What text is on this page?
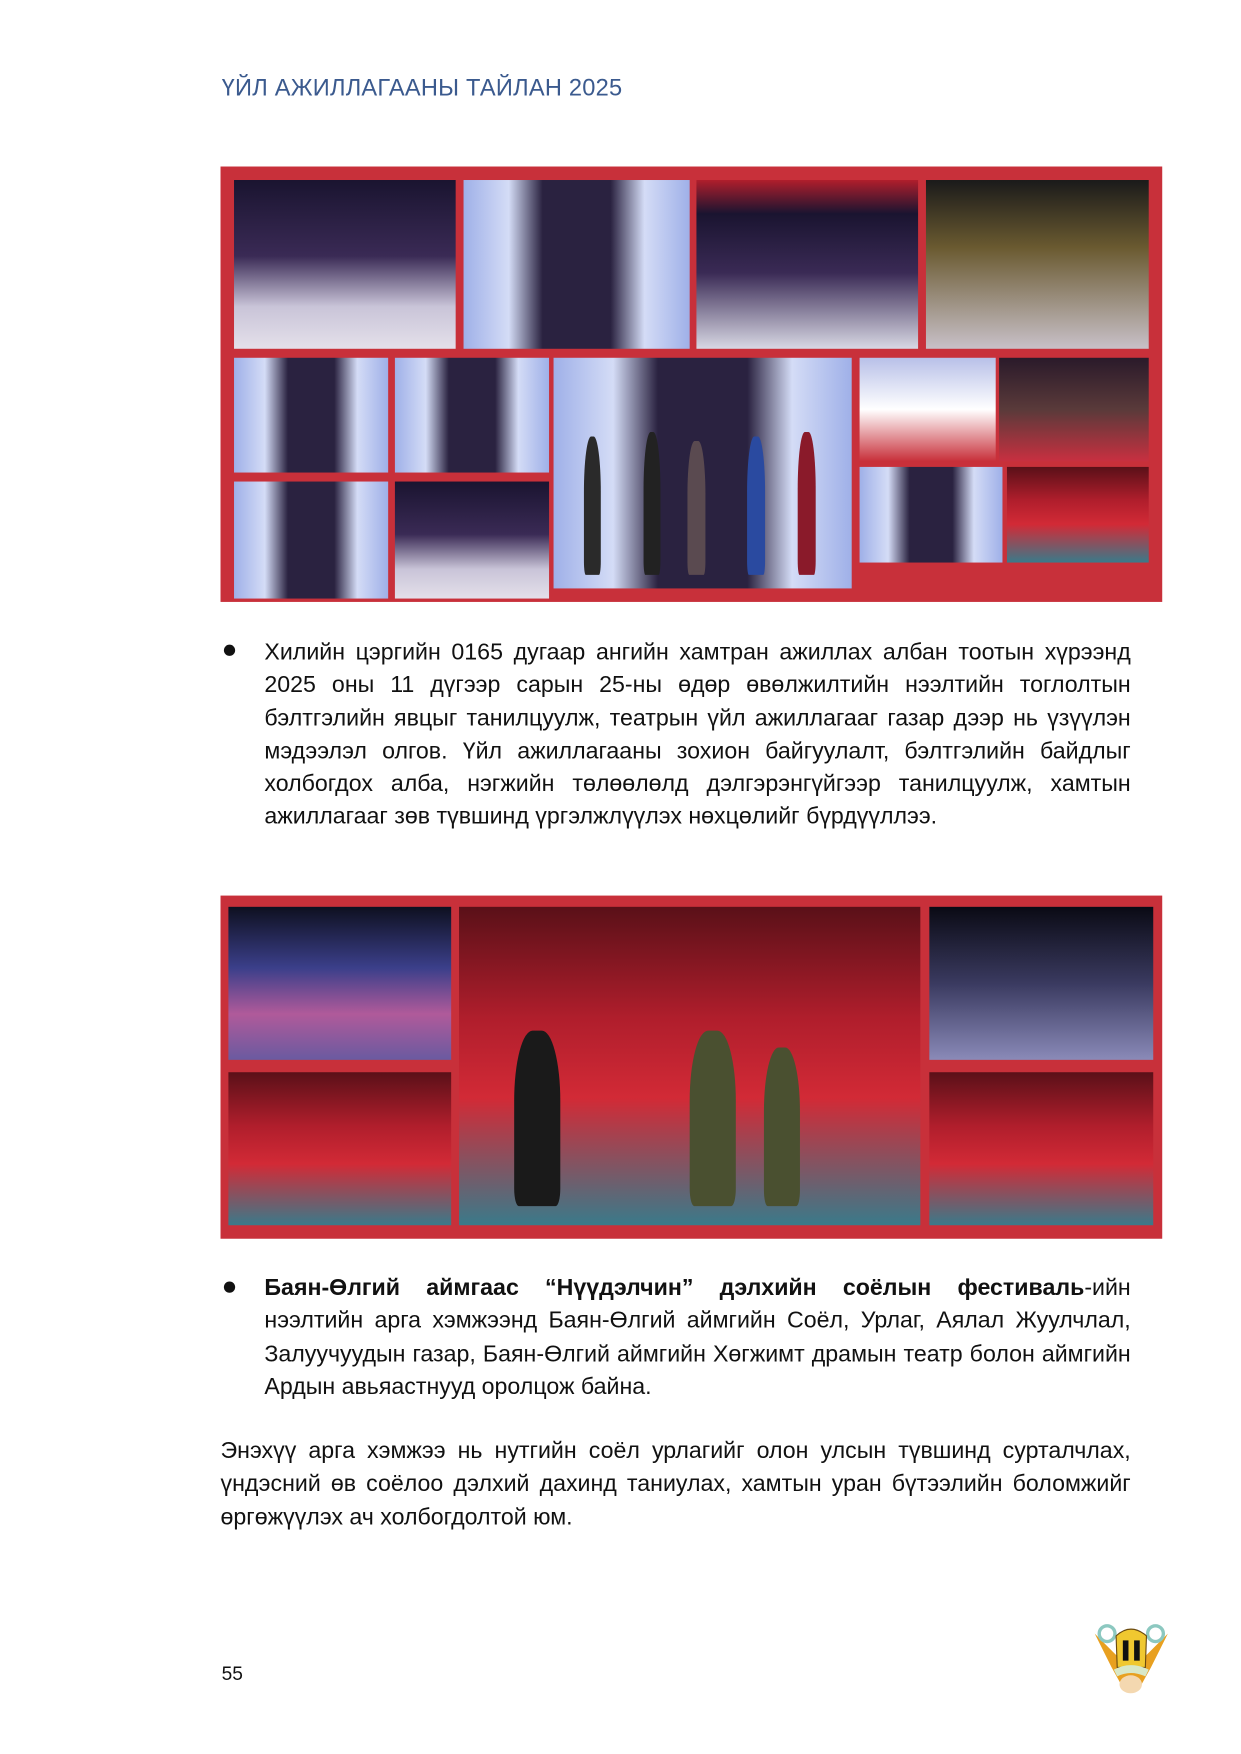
ҮЙЛ АЖИЛЛАГААНЫ ТАЙЛАН 2025
Хилийн цэргийн 0165 дугаар ангийн хамтран ажиллах албан тоотын хүрээнд 2025 оны 11 дүгээр сарын 25-ны өдөр өвөлжилтийн нээлтийн тоглолтын бэлтгэлийн явцыг танилцуулж, театрын үйл ажиллагааг газар дээр нь үзүүлэн мэдээлэл олгов. Үйл ажиллагааны зохион байгуулалт, бэлтгэлийн байдлыг холбогдох алба, нэгжийн төлөөлөлд дэлгэрэнгүйгээр танилцуулж, хамтын ажиллагааг зөв түвшинд үргэлжлүүлэх нөхцөлийг бүрдүүллээ.
Баян-Өлгий аймгаас “Нүүдэлчин” дэлхийн соёлын фестиваль-ийн нээлтийн арга хэмжээнд Баян-Өлгий аймгийн Соёл, Урлаг, Аялал Жуулчлал, Залуучуудын газар, Баян-Өлгий аймгийн Хөгжимт драмын театр болон аймгийн Ардын авьяастнууд оролцож байна.
Энэхүү арга хэмжээ нь нутгийн соёл урлагийг олон улсын түвшинд сурталчлах, үндэсний өв соёлоо дэлхий дахинд таниулах, хамтын уран бүтээлийн боломжийг өргөжүүлэх ач холбогдолтой юм.
55
